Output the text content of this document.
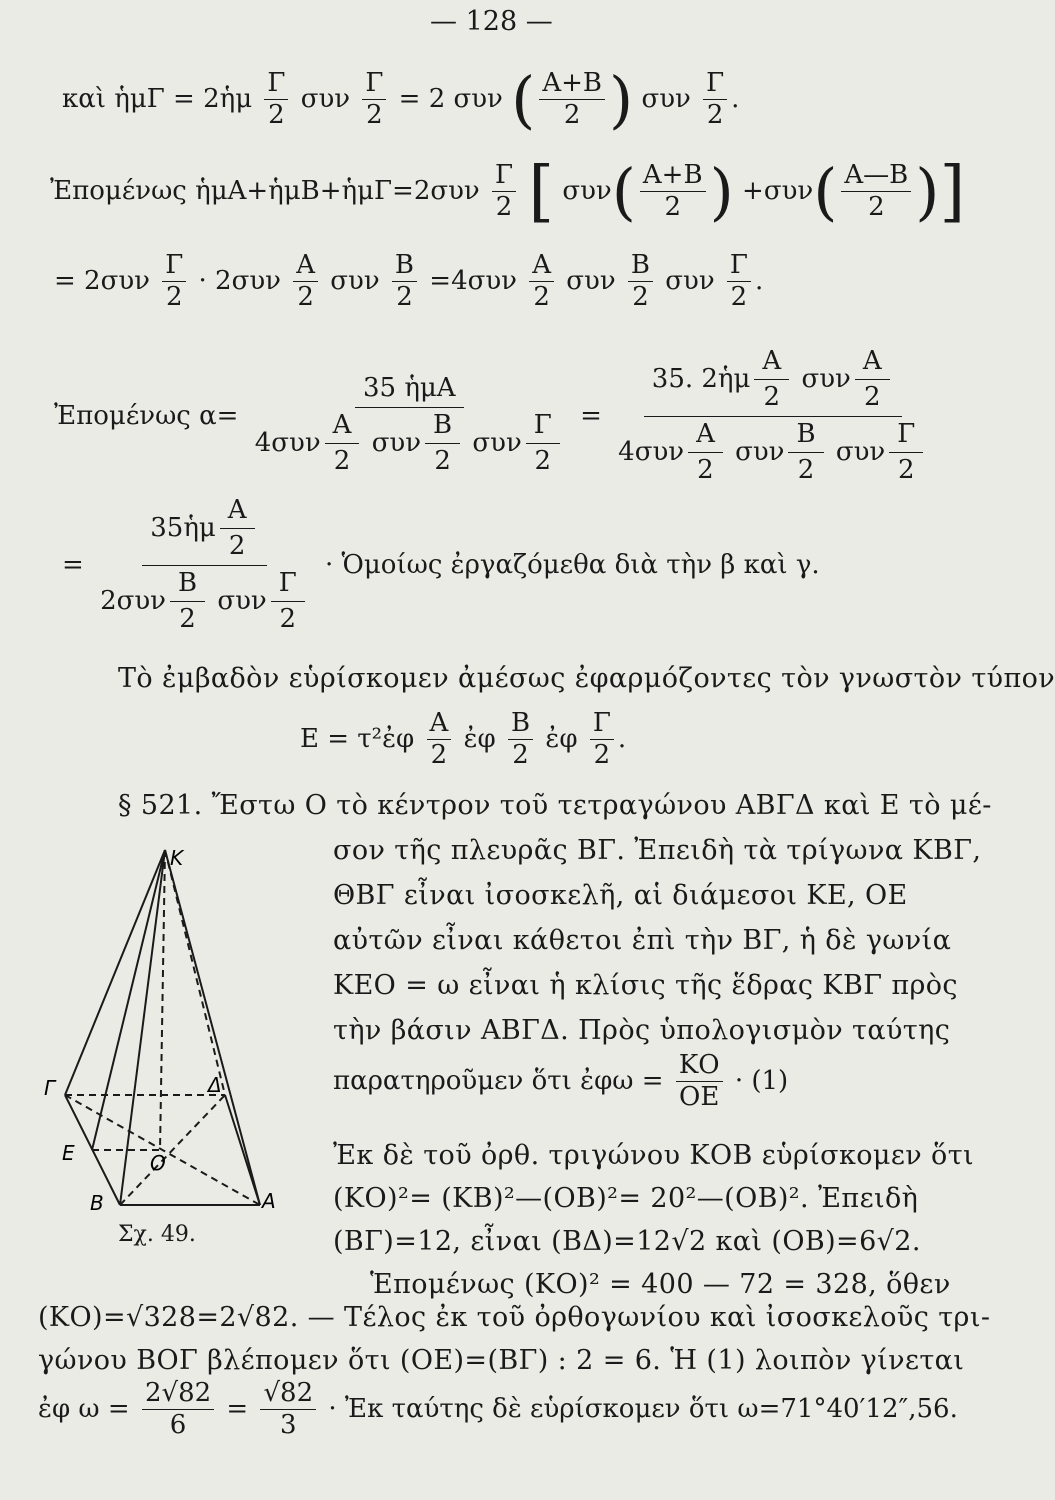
— 128 —
καὶ ἡμΓ = 2ἡμ $\frac{\Gamma}{2}$ συν $\frac{\Gamma}{2} = 2$ συν ( $\frac{A+B}{2}$ ) συν $\frac{\Gamma}{2}$ .
Ἐπομένως ἡμΑ+ἡμΒ+ἡμΓ=2συν $\frac{\Gamma}{2}$ [ $\sigma\upsilon\nu( \frac{A+B}{2}$ ) $+\sigma\upsilon\nu( \frac{A—B}{2}$ )]
= $2\sigma\upsilon\nu \frac{\Gamma}{2} \cdot 2\sigma\upsilon\nu \frac{A}{2}$ συν $\frac{B}{2} =4\sigma\upsilon\nu \frac{A}{2}$ συν $\frac{B}{2}$ συν $\frac{\Gamma}{2}$ .
Ἐπομένως α=
35 ἡμΑ
$4\sigma\upsilon\nu \frac{A}{2}$ συν $\frac{B}{2}$ συν $\frac{\Gamma}{2}$ =
35. 2ἡμ $\frac{A}{2}$ συν $\frac{A}{2}$
$4\sigma\upsilon\nu \frac{A}{2}$ συν $\frac{B}{2}$ συν $\frac{\Gamma}{2}$
=
35ἡμ $\frac{A}{2}$
$2\sigma\upsilon\nu \frac{B}{2}$ συν $\frac{\Gamma}{2}$
· Ὁμοίως ἐργαζόμεθα διὰ τὴν β καὶ γ.
Τὸ ἐμβαδὸν εὑρίσκομεν ἀμέσως ἐφαρμόζοντες τὸν γνωστὸν τύπον
Ε = τ²ἐφ $\frac{A}{2}$ ἐφ $\frac{B}{2}$ ἐφ $\frac{\Gamma}{2}$ .
§ 521. Ἔστω Ο τὸ κέντρον τοῦ τετραγώνου ΑΒΓΔ καὶ Ε τὸ μέ-
σον τῆς πλευρᾶς ΒΓ. Ἐπειδὴ τὰ τρίγωνα ΚΒΓ,
ΘΒΓ εἶναι ἰσοσκελῆ, αἱ διάμεσοι ΚΕ, ΟΕ
αὐτῶν εἶναι κάθετοι ἐπὶ τὴν ΒΓ, ἡ δὲ γωνία
ΚΕΟ = ω εἶναι ἡ κλίσις τῆς ἕδρας ΚΒΓ πρὸς
τὴν βάσιν ΑΒΓΔ. Πρὸς ὑπολογισμὸν ταύτης
παρατηροῦμεν ὅτι ἐφω = $\frac{KO}{OE} \cdot (1)$
Ἐκ δὲ τοῦ ὀρθ. τριγώνου ΚΟΒ εὑρίσκομεν ὅτι
(ΚΟ)²= (ΚΒ)²—(ΟΒ)²= 20²—(ΟΒ)². Ἐπειδὴ
(ΒΓ)=12, εἶναι (ΒΔ)=12√2 καὶ (ΟΒ)=6√2.
Ἑπομένως (ΚΟ)² = 400 — 72 = 328, ὅθεν
(ΚΟ)=√328=2√82. — Τέλος ἐκ τοῦ ὀρθογωνίου καὶ ἰσοσκελοῦς τρι-
γώνου ΒΟΓ βλέπομεν ὅτι (ΟΕ)=(ΒΓ) : 2 = 6. Ἡ (1) λοιπὸν γίνεται
ἐφ $\omega = \frac{2√82}{6} = \frac{√82}{3}$ · Ἐκ ταύτης δὲ εὑρίσκομεν ὅτι ω=71°40′12″,56.
Κ
Γ	Δ
Ε	Ο
Β	Α
Σχ. 49.
